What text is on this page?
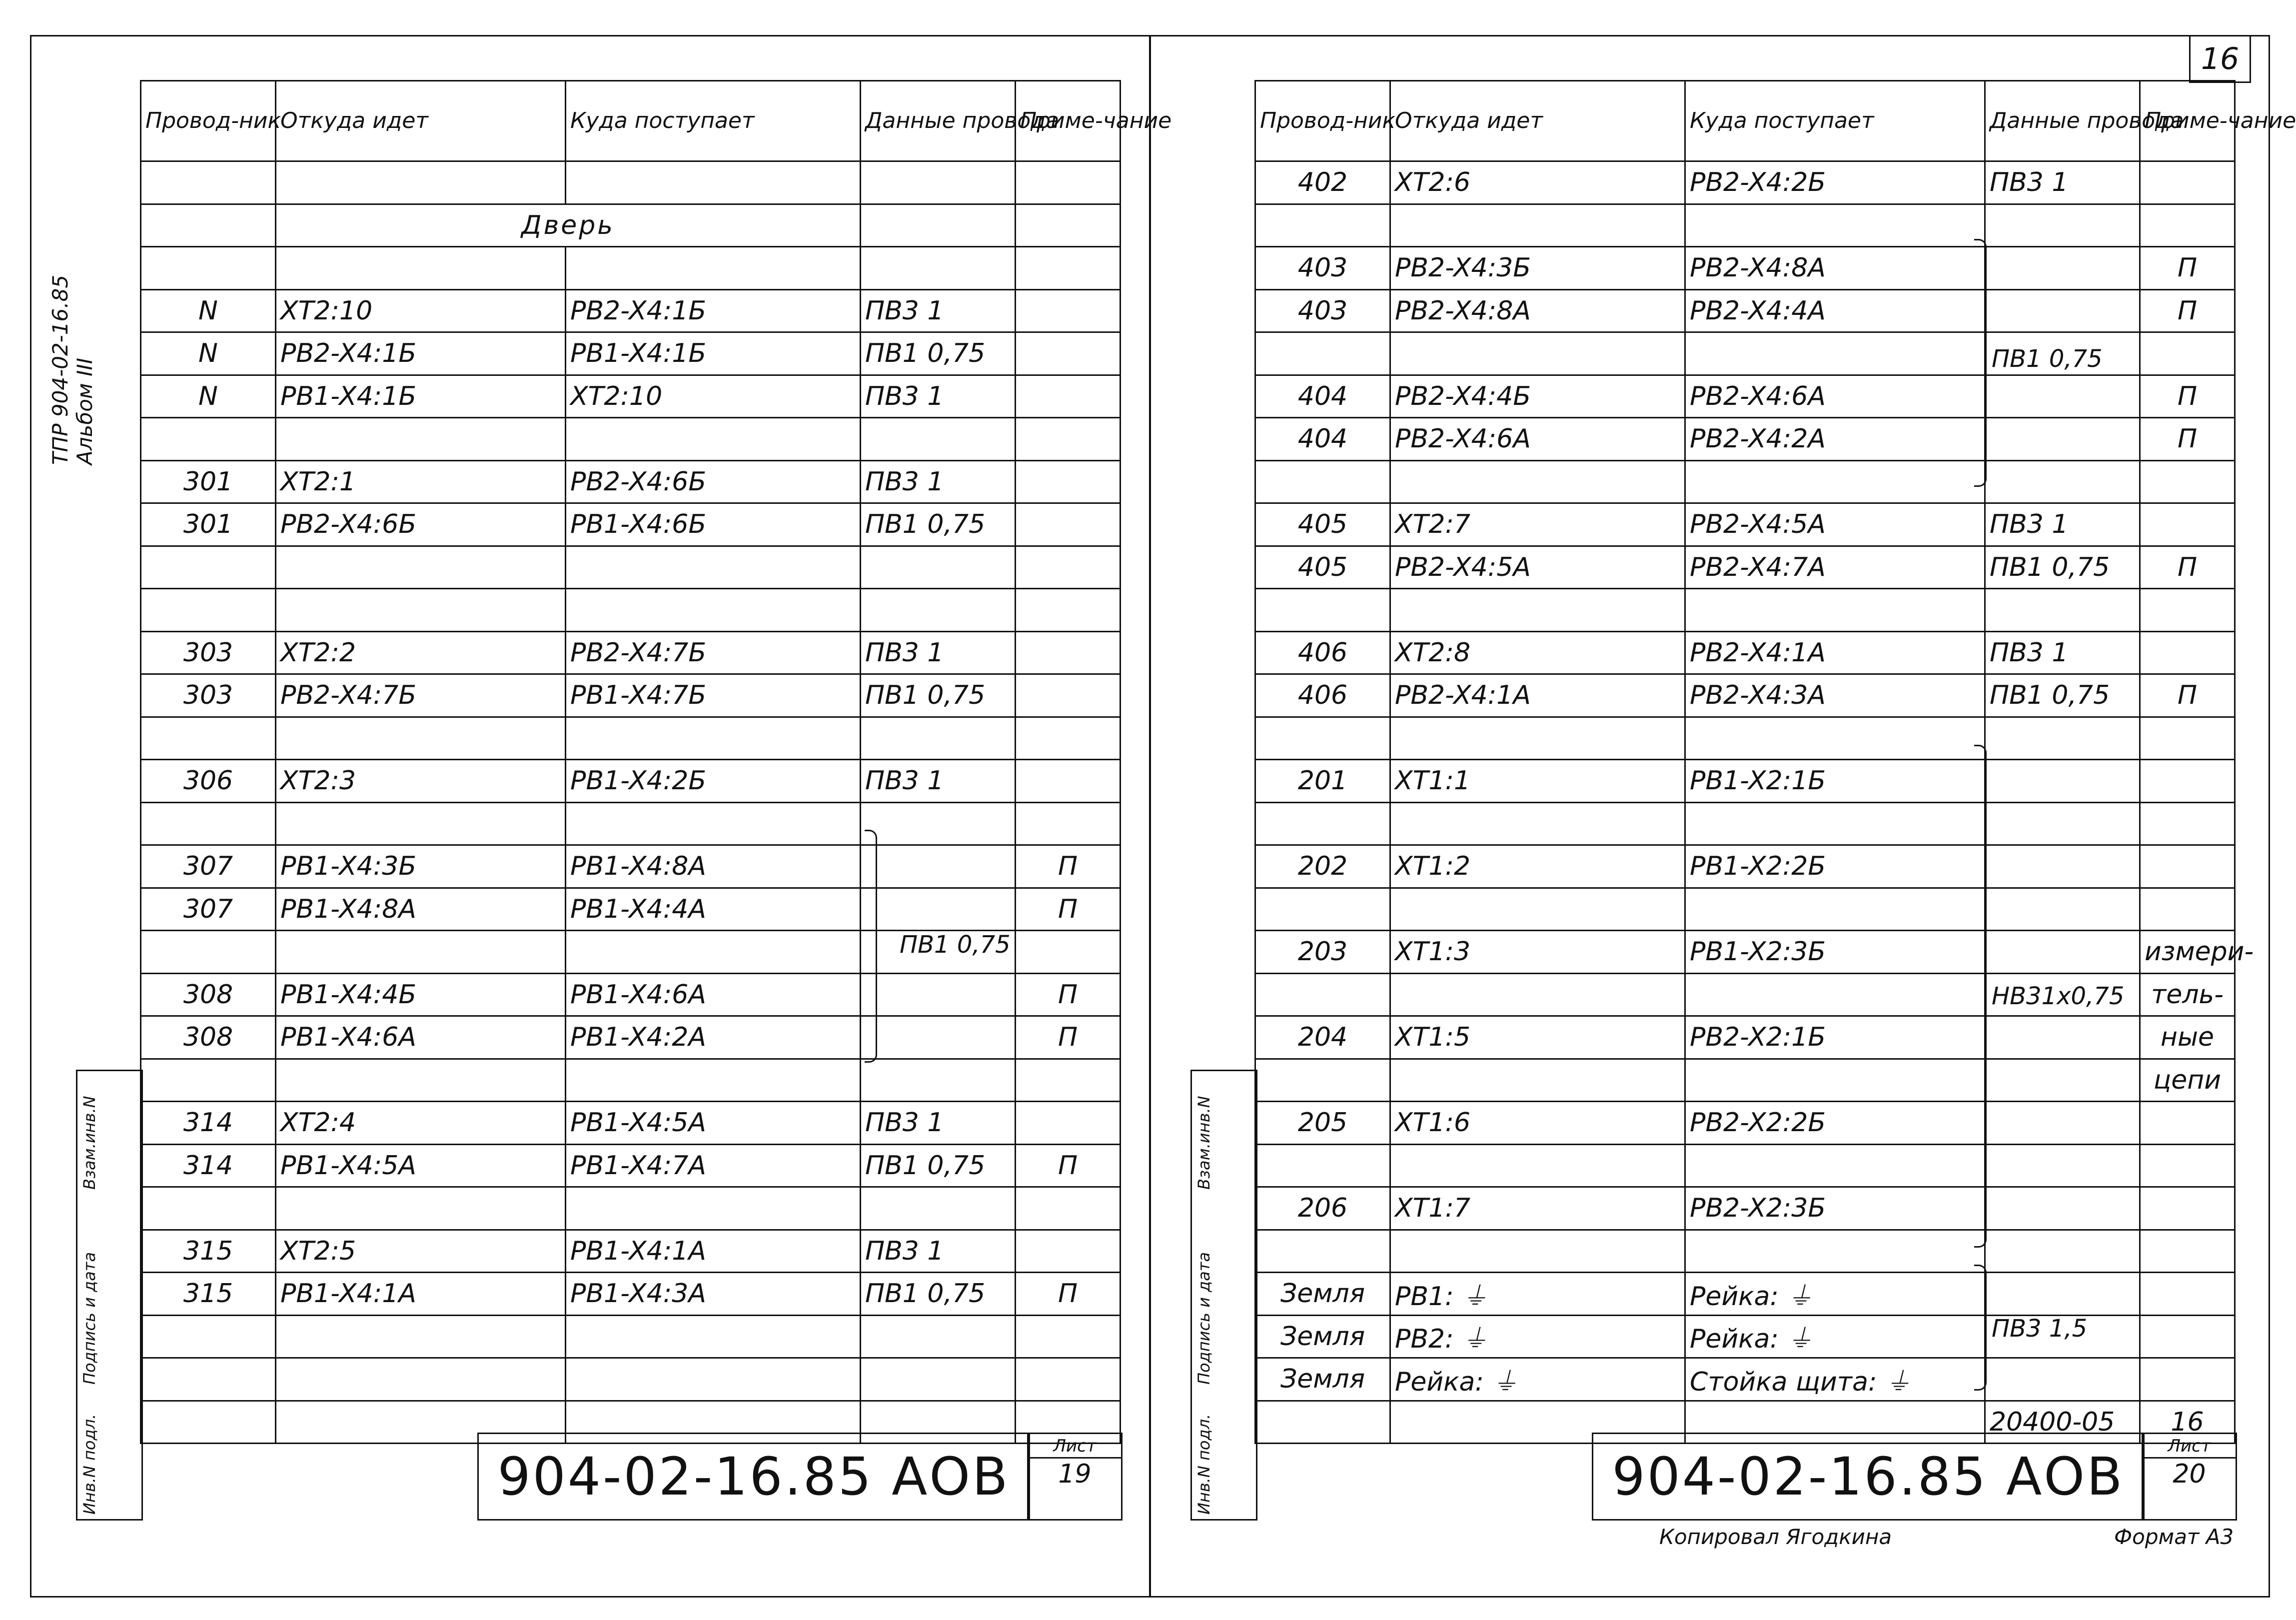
ТПР 904-02-16.85 Альбом III
Провод-ник	Откуда идет	Куда поступает	Данные провода	Приме-чание

	Дверь			

N	XT2:10	PB2-X4:1Б	ПВ3 1	
N	PB2-X4:1Б	PB1-X4:1Б	ПВ1 0,75	
N	PB1-X4:1Б	XT2:10	ПВ3 1	

301	XT2:1	PB2-X4:6Б	ПВ3 1	
301	PB2-X4:6Б	PB1-X4:6Б	ПВ1 0,75	

303	XT2:2	PB2-X4:7Б	ПВ3 1	
303	PB2-X4:7Б	PB1-X4:7Б	ПВ1 0,75	

306	XT2:3	PB1-X4:2Б	ПВ3 1	

307	PB1-X4:3Б	PB1-X4:8А		П
307	PB1-X4:8А	PB1-X4:4А		П

308	PB1-X4:4Б	PB1-X4:6А		П
308	PB1-X4:6А	PB1-X4:2А		П

314	XT2:4	PB1-X4:5А	ПВ3 1	
314	PB1-X4:5А	PB1-X4:7А	ПВ1 0,75	П

315	XT2:5	PB1-X4:1А	ПВ3 1	
315	PB1-X4:1А	PB1-X4:3А	ПВ1 0,75	П

ПВ1 0,75
904-02-16.85 АОВ	Лист
19
Инв.N подл.
Подпись и дата
Взам.инв.N
Провод-ник	Откуда идет	Куда поступает	Данные провода	Приме-чание
402	XT2:6	PB2-X4:2Б	ПВ3 1	

403	PB2-X4:3Б	PB2-X4:8А		П
403	PB2-X4:8А	PB2-X4:4А		П

404	PB2-X4:4Б	PB2-X4:6А		П
404	PB2-X4:6А	PB2-X4:2А		П

405	XT2:7	PB2-X4:5А	ПВ3 1	
405	PB2-X4:5А	PB2-X4:7А	ПВ1 0,75	П

406	XT2:8	PB2-X4:1А	ПВ3 1	
406	PB2-X4:1А	PB2-X4:3А	ПВ1 0,75	П

201	XT1:1	PB1-X2:1Б		

202	XT1:2	PB1-X2:2Б		

203	XT1:3	PB1-X2:3Б		измери-
				тель-
204	XT1:5	PB2-X2:1Б		ные
				цепи
205	XT1:6	PB2-X2:2Б		

206	XT1:7	PB2-X2:3Б		

Земля	PB1: ⏚	Рейка: ⏚		
Земля	PB2: ⏚	Рейка: ⏚		
Земля	Рейка: ⏚	Стойка щита: ⏚		
			20400-05	16
ПВ1 0,75
НВ31х0,75
ПВ3 1,5
16
904-02-16.85 АОВ	Лист
20
Инв.N подл.
Подпись и дата
Взам.инв.N
Копировал Ягодкина	Формат А3
